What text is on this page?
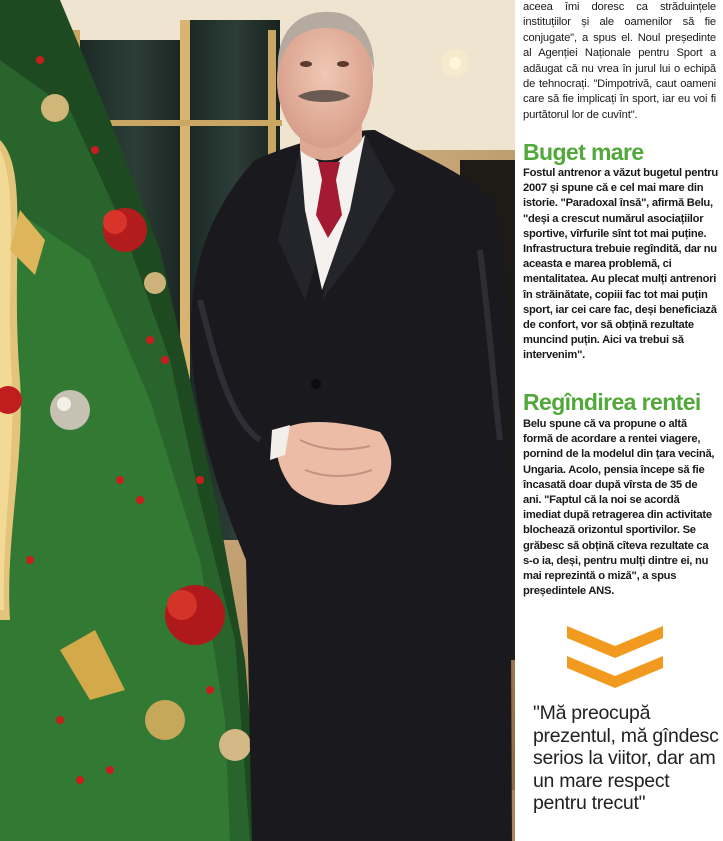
aceea îmi doresc ca străduințele instituțiilor și ale oamenilor să fie conjugate", a spus el. Noul președinte al Agenției Naționale pentru Sport a adăugat că nu vrea în jurul lui o echipă de tehnocrați. "Dimpotrivă, caut oameni care să fie implicați în sport, iar eu voi fi purtătorul lor de cuvînt".
Buget mare
Fostul antrenor a văzut bugetul pentru 2007 și spune că e cel mai mare din istorie. "Paradoxal însă", afirmă Belu, "deși a crescut numărul asociațiilor sportive, vîrfurile sînt tot mai puține. Infrastructura trebuie regîndită, dar nu aceasta e marea problemă, ci mentalitatea. Au plecat mulți antrenori în străinătate, copiii fac tot mai puțin sport, iar cei care fac, deși beneficiază de confort, vor să obțină rezultate muncind puțin. Aici va trebui să intervenim".
Regîndirea rentei
Belu spune că va propune o altă formă de acordare a rentei viagere, pornind de la modelul din țara vecină, Ungaria. Acolo, pensia începe să fie încasată doar după vîrsta de 35 de ani. "Faptul că la noi se acordă imediat după retragerea din activitate blochează orizontul sportivilor. Se grăbesc să obțină cîteva rezultate ca s-o ia, deși, pentru mulți dintre ei, nu mai reprezintă o miză", a spus președintele ANS.
"Mă preocupă prezentul, mă gîndesc serios la viitor, dar am un mare respect pentru trecut"
